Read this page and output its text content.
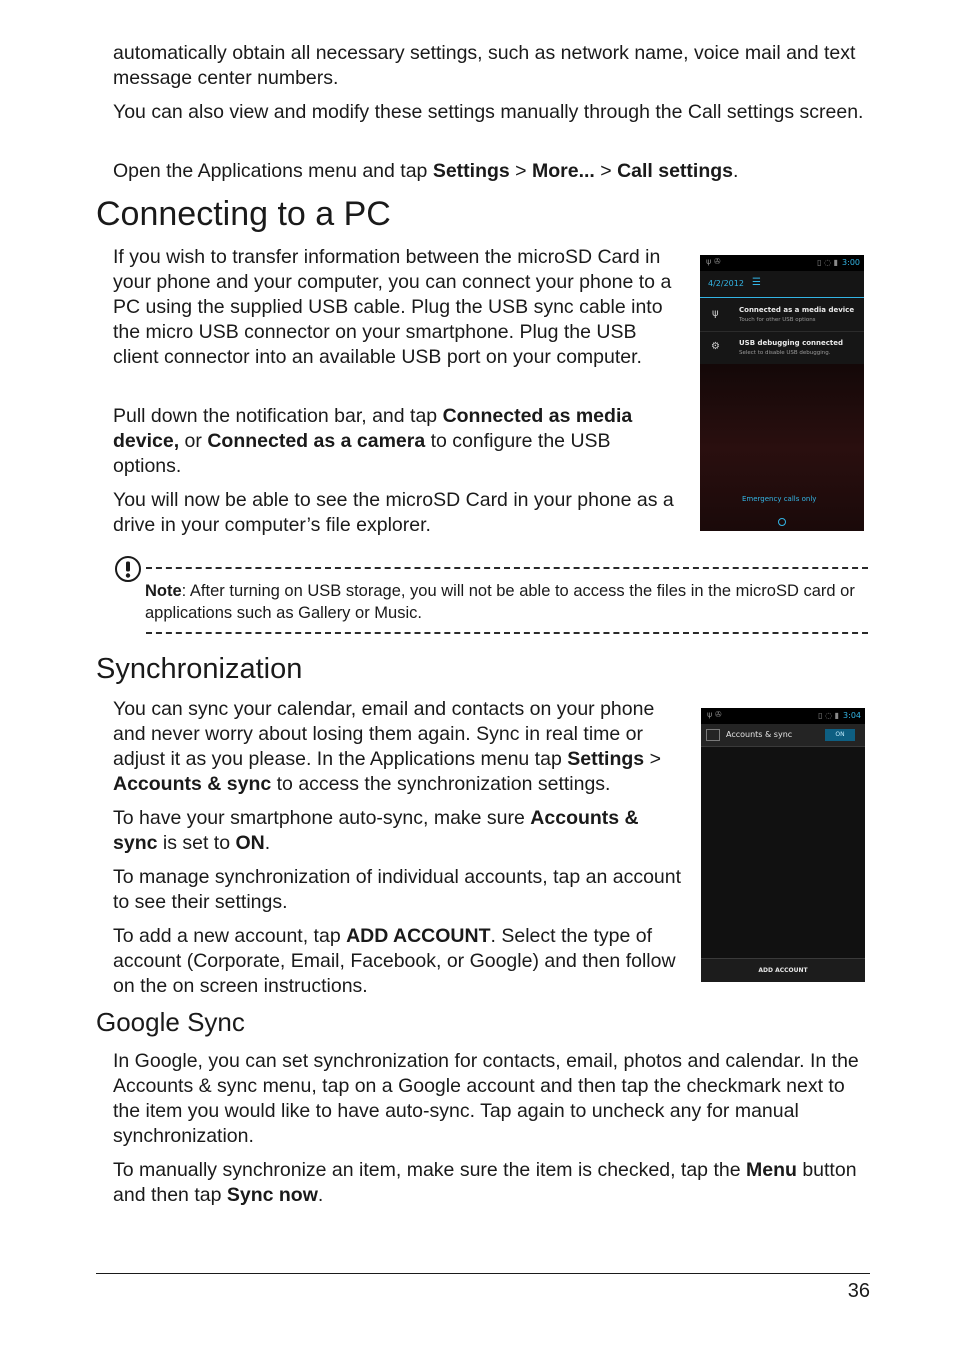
automatically obtain all necessary settings, such as network name, voice mail and text message center numbers.

You can also view and modify these settings manually through the Call settings screen.

Open the Applications menu and tap Settings > More... > Call settings.

Connecting to a PC

If you wish to transfer information between the microSD Card in your phone and your computer, you can connect your phone to a PC using the supplied USB cable. Plug the USB sync cable into the micro USB connector on your smartphone. Plug the USB client connector into an available USB port on your computer.

Pull down the notification bar, and tap Connected as media device, or Connected as a camera to configure the USB options.

You will now be able to see the microSD Card in your phone as a drive in your computer’s file explorer.

ψ ✇	▯ ◌ ▮ 3:00
4/2/2012 ☰
ψ	Connected as a media device
Touch for other USB options
⚙	USB debugging connected
Select to disable USB debugging.
Emergency calls only

Note: After turning on USB storage, you will not be able to access the files in the microSD card or applications such as Gallery or Music.

Synchronization

You can sync your calendar, email and contacts on your phone and never worry about losing them again. Sync in real time or adjust it as you please. In the Applications menu tap Settings > Accounts & sync to access the synchronization settings.

To have your smartphone auto-sync, make sure Accounts & sync is set to ON.

To manage synchronization of individual accounts, tap an account to see their settings.

To add a new account, tap ADD ACCOUNT. Select the type of account (Corporate, Email, Facebook, or Google) and then follow on the on screen instructions.

ψ ✇	▯ ◌ ▮ 3:04
Accounts & sync	ON
ADD ACCOUNT
Google Sync

In Google, you can set synchronization for contacts, email, photos and calendar. In the Accounts & sync menu, tap on a Google account and then tap the checkmark next to the item you would like to have auto-sync. Tap again to uncheck any for manual synchronization.

To manually synchronize an item, make sure the item is checked, tap the Menu button and then tap Sync now.

36
